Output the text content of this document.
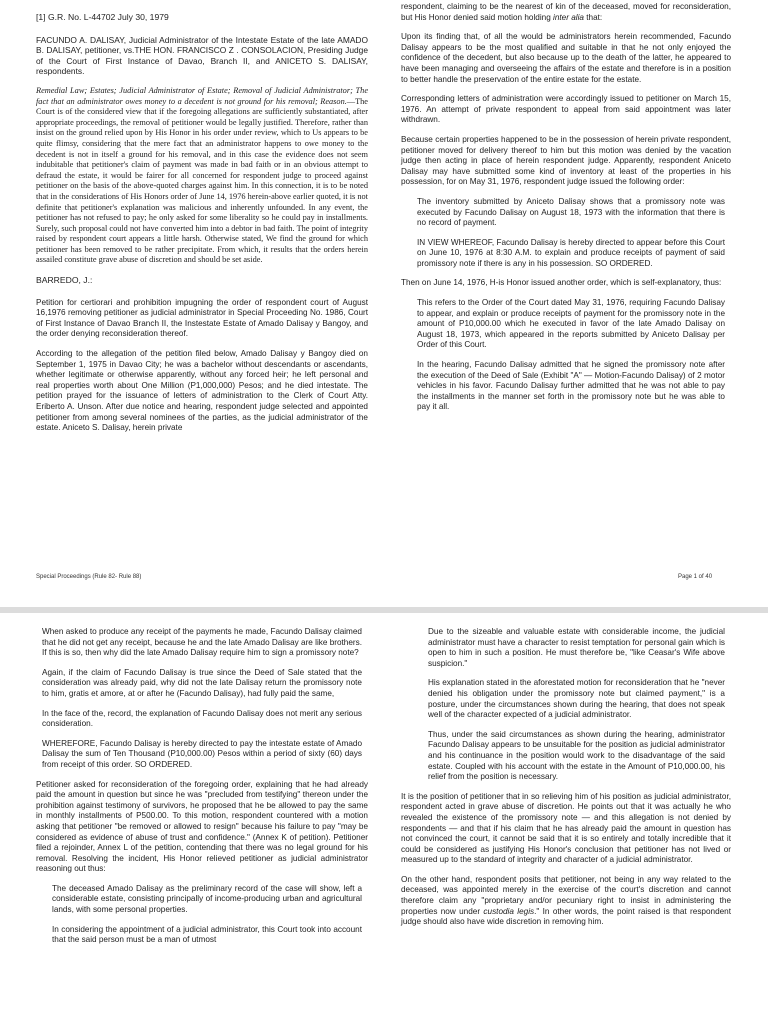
[1] G.R. No. L-44702 July 30, 1979

FACUNDO A. DALISAY, Judicial Administrator of the Intestate Estate of the late AMADO B. DALISAY, petitioner, vs.THE HON. FRANCISCO Z . CONSOLACION, Presiding Judge of the Court of First Instance of Davao, Branch II, and ANICETO S. DALISAY, respondents.

Remedial Law; Estates; Judicial Administrator of Estate; Removal of Judicial Administrator; The fact that an administrator owes money to a decedent is not ground for his removal; Reason.—The Court is of the considered view that if the foregoing allegations are sufficiently substantiated, after appropriate proceedings, the removal of petitioner would be legally justified. Therefore, rather than insist on the ground relied upon by His Honor in his order under review, which to Us appears to be quite flimsy, considering that the mere fact that an administrator happens to owe money to the decedent is not in itself a ground for his removal, and in this case the evidence does not seem indubitable that petitioner's claim of payment was made in bad faith or in an obvious attempt to defraud the estate, it would be fairer for all concerned for respondent judge to proceed against petitioner on the basis of the above-quoted charges against him. In this connection, it is to be noted that in the considerations of His Honors order of June 14, 1976 herein-above earlier quoted, it is not definite that petitioner's explanation was malicious and inherently unfounded. In any event, the petitioner has not refused to pay; he only asked for some liberality so he could pay in installments. Surely, such proposal could not have converted him into a debtor in bad faith. The point of integrity raised by respondent court appears a little harsh. Otherwise stated, We find the ground for which petitioner has been removed to be rather precipitate. From which, it results that the orders herein assailed constitute grave abuse of discretion and should be set aside.

BARREDO, J.:

Petition for certiorari and prohibition impugning the order of respondent court of August 16,1976 removing petitioner as judicial administrator in Special Proceeding No. 1986, Court of First Instance of Davao Branch II, the Instestate Estate of Amado Dalisay y Bangoy, and the order denying reconsideration thereof.

According to the allegation of the petition filed below, Amado Dalisay y Bangoy died on September 1, 1975 in Davao City; he was a bachelor without descendants or ascendants, whether legitimate or otherwise apparently, without any forced heir; he left personal and real properties worth about One Million (P1,000,000) Pesos; and he died intestate. The petition prayed for the issuance of letters of administration to the Clerk of Court Atty. Eriberto A. Unson. After due notice and hearing, respondent judge selected and appointed petitioner from among several nominees of the parties, as the judicial administrator of the estate. Aniceto S. Dalisay, herein private

respondent, claiming to be the nearest of kin of the deceased, moved for reconsideration, but His Honor denied said motion holding inter alia that:

Upon its finding that, of all the would be administrators herein recommended, Facundo Dalisay appears to be the most qualified and suitable in that he not only enjoyed the confidence of the decedent, but also because up to the death of the latter, he appeared to have been managing and overseeing the affairs of the estate and therefore is in a position to better handle the preservation of the entire estate for the estate.

Corresponding letters of administration were accordingly issued to petitioner on March 15, 1976. An attempt of private respondent to appeal from said appointment was later withdrawn.

Because certain properties happened to be in the possession of herein private respondent, petitioner moved for delivery thereof to him but this motion was denied by the vacation judge then acting in place of herein respondent judge. Apparently, respondent Aniceto Dalisay may have submitted some kind of inventory at least of the properties in his possession, for on May 31, 1976, respondent judge issued the following order:

The inventory submitted by Aniceto Dalisay shows that a promissory note was executed by Facundo Dalisay on August 18, 1973 with the information that there is no record of payment.

IN VIEW WHEREOF, Facundo Dalisay is hereby directed to appear before this Court on June 10, 1976 at 8:30 A.M. to explain and produce receipts of payment of said promissory note if there is any in his possession. SO ORDERED.

Then on June 14, 1976, H-is Honor issued another order, which is self-explanatory, thus:

This refers to the Order of the Court dated May 31, 1976, requiring Facundo Dalisay to appear, and explain or produce receipts of payment for the promissory note in the amount of P10,000.00 which he executed in favor of the late Amado Dalisay on August 18, 1973, which appeared in the reports submitted by Aniceto Dalisay per Order of this Court.

In the hearing, Facundo Dalisay admitted that he signed the promissory note after the execution of the Deed of Sale (Exhibit "A" — Motion-Facundo Dalisay) of 2 motor vehicles in his favor. Facundo Dalisay further admitted that he was not able to pay the installments in the manner set forth in the promissory note but he was able to pay it all.

Special Proceedings (Rule 82- Rule 88)	Page 1 of 40

When asked to produce any receipt of the payments he made, Facundo Dalisay claimed that he did not get any receipt, because he and the late Amado Dalisay are like brothers. If this is so, then why did the late Amado Dalisay require him to sign a promissory note?

Again, if the claim of Facundo Dalisay is true since the Deed of Sale stated that the consideration was already paid, why did not the late Dalisay return the promissory note to him, gratis et amore, at or after he (Facundo Dalisay), had fully paid the same,

In the face of the, record, the explanation of Facundo Dalisay does not merit any serious consideration.

WHEREFORE, Facundo Dalisay is hereby directed to pay the intestate estate of Amado Dalisay the sum of Ten Thousand (P10,000.00) Pesos within a period of sixty (60) days from receipt of this order. SO ORDERED.

Petitioner asked for reconsideration of the foregoing order, explaining that he had already paid the amount in question but since he was "precluded from testifying" thereon under the prohibition against testimony of survivors, he proposed that he be allowed to pay the same in monthly installments of P500.00. To this motion, respondent countered with a motion asking that petitioner "be removed or allowed to resign" because his failure to pay "may be considered as evidence of abuse of trust and confidence." (Annex K of petition). Petitioner filed a rejoinder, Annex L of the petition, contending that there was no legal ground for his removal. Resolving the incident, His Honor relieved petitioner as judicial administrator reasoning out thus:

The deceased Amado Dalisay as the preliminary record of the case will show, left a considerable estate, consisting principally of income-producing urban and agricultural lands, with some personal properties.

In considering the appointment of a judicial administrator, this Court took into account that the said person must be a man of utmost

Due to the sizeable and valuable estate with considerable income, the judicial administrator must have a character to resist temptation for personal gain which is open to him in such a position. He must therefore be, "like Ceasar's Wife above suspicion."

His explanation stated in the aforestated motion for reconsideration that he "never denied his obligation under the promissory note but claimed payment," is a posture, under the circumstances shown during the hearing, that does not speak well of the character expected of a judicial administrator.

Thus, under the said circumstances as shown during the hearing, administrator Facundo Dalisay appears to be unsuitable for the position as judicial administrator and his continuance in the position would work to the disadvantage of the said estate. Coupled with his account with the estate in the Amount of P10,000.00, his relief from the position is necessary.

It is the position of petitioner that in so relieving him of his position as judicial administrator, respondent acted in grave abuse of discretion. He points out that it was actually he who revealed the existence of the promissory note — and this allegation is not denied by respondents — and that if his claim that he has already paid the amount in question has not convinced the court, it cannot be said that it is so entirely and totally incredible that it could be considered as justifying His Honor's conclusion that petitioner has not lived or measured up to the standard of integrity and character of a judicial administrator.

On the other hand, respondent posits that petitioner, not being in any way related to the deceased, was appointed merely in the exercise of the court's discretion and cannot therefore claim any "proprietary and/or pecuniary right to insist in administering the properties now under custodia legis." In other words, the point raised is that respondent judge should also have wide discretion in removing him.
